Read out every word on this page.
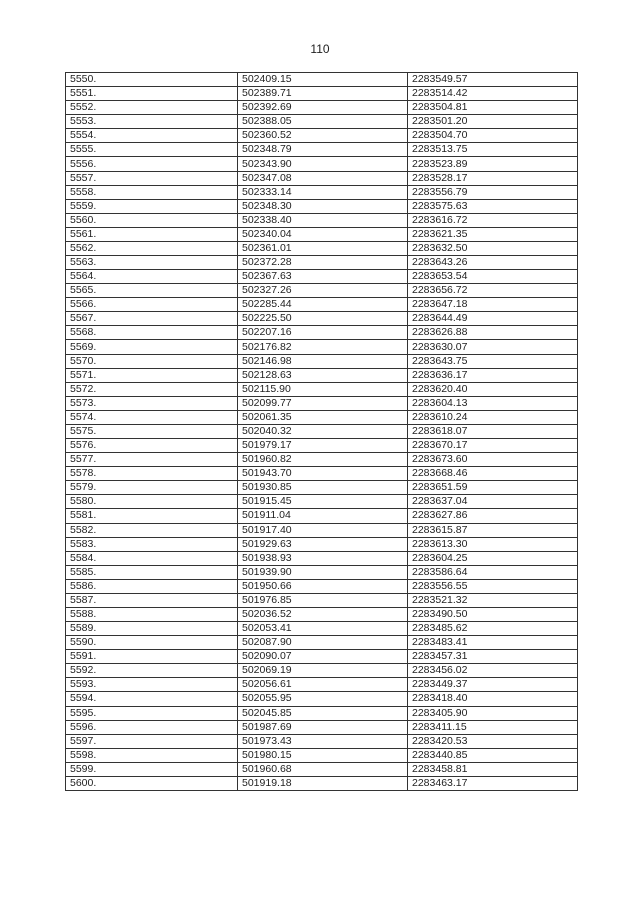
110
5550.	502409.15	2283549.57
5551.	502389.71	2283514.42
5552.	502392.69	2283504.81
5553.	502388.05	2283501.20
5554.	502360.52	2283504.70
5555.	502348.79	2283513.75
5556.	502343.90	2283523.89
5557.	502347.08	2283528.17
5558.	502333.14	2283556.79
5559.	502348.30	2283575.63
5560.	502338.40	2283616.72
5561.	502340.04	2283621.35
5562.	502361.01	2283632.50
5563.	502372.28	2283643.26
5564.	502367.63	2283653.54
5565.	502327.26	2283656.72
5566.	502285.44	2283647.18
5567.	502225.50	2283644.49
5568.	502207.16	2283626.88
5569.	502176.82	2283630.07
5570.	502146.98	2283643.75
5571.	502128.63	2283636.17
5572.	502115.90	2283620.40
5573.	502099.77	2283604.13
5574.	502061.35	2283610.24
5575.	502040.32	2283618.07
5576.	501979.17	2283670.17
5577.	501960.82	2283673.60
5578.	501943.70	2283668.46
5579.	501930.85	2283651.59
5580.	501915.45	2283637.04
5581.	501911.04	2283627.86
5582.	501917.40	2283615.87
5583.	501929.63	2283613.30
5584.	501938.93	2283604.25
5585.	501939.90	2283586.64
5586.	501950.66	2283556.55
5587.	501976.85	2283521.32
5588.	502036.52	2283490.50
5589.	502053.41	2283485.62
5590.	502087.90	2283483.41
5591.	502090.07	2283457.31
5592.	502069.19	2283456.02
5593.	502056.61	2283449.37
5594.	502055.95	2283418.40
5595.	502045.85	2283405.90
5596.	501987.69	2283411.15
5597.	501973.43	2283420.53
5598.	501980.15	2283440.85
5599.	501960.68	2283458.81
5600.	501919.18	2283463.17
